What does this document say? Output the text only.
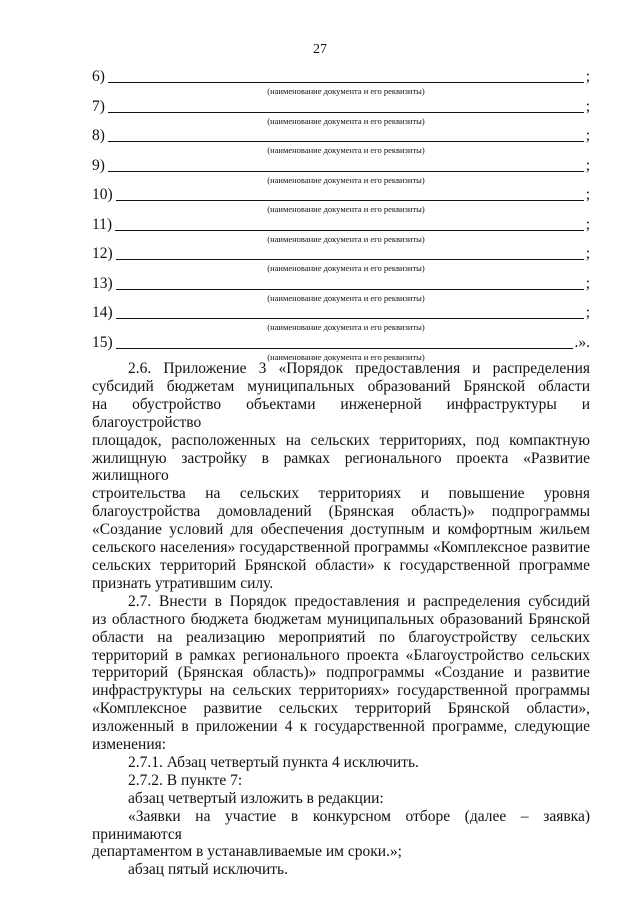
27
6)	;
(наименование документа и его реквизиты)
7)	;
(наименование документа и его реквизиты)
8)	;
(наименование документа и его реквизиты)
9)	;
(наименование документа и его реквизиты)
10)	;
(наименование документа и его реквизиты)
11)	;
(наименование документа и его реквизиты)
12)	;
(наименование документа и его реквизиты)
13)	;
(наименование документа и его реквизиты)
14)	;
(наименование документа и его реквизиты)
15)	.».
(наименование документа и его реквизиты)

2.6. Приложение 3 «Порядок предоставления и распределения

субсидий бюджетам муниципальных образований Брянской области

на обустройство объектами инженерной инфраструктуры и благоустройство

площадок, расположенных на сельских территориях, под компактную

жилищную застройку в рамках регионального проекта «Развитие жилищного

строительства на сельских территориях и повышение уровня

благоустройства домовладений (Брянская область)» подпрограммы

«Создание условий для обеспечения доступным и комфортным жильем

сельского населения» государственной программы «Комплексное развитие

сельских территорий Брянской области» к государственной программе

признать утратившим силу.

2.7. Внести в Порядок предоставления и распределения субсидий

из областного бюджета бюджетам муниципальных образований Брянской

области на реализацию мероприятий по благоустройству сельских

территорий в рамках регионального проекта «Благоустройство сельских

территорий (Брянская область)» подпрограммы «Создание и развитие

инфраструктуры на сельских территориях» государственной программы

«Комплексное развитие сельских территорий Брянской области»,

изложенный в приложении 4 к государственной программе, следующие

изменения:

2.7.1. Абзац четвертый пункта 4 исключить.

2.7.2. В пункте 7:

абзац четвертый изложить в редакции:

«Заявки на участие в конкурсном отборе (далее – заявка) принимаются

департаментом в устанавливаемые им сроки.»;

абзац пятый исключить.
